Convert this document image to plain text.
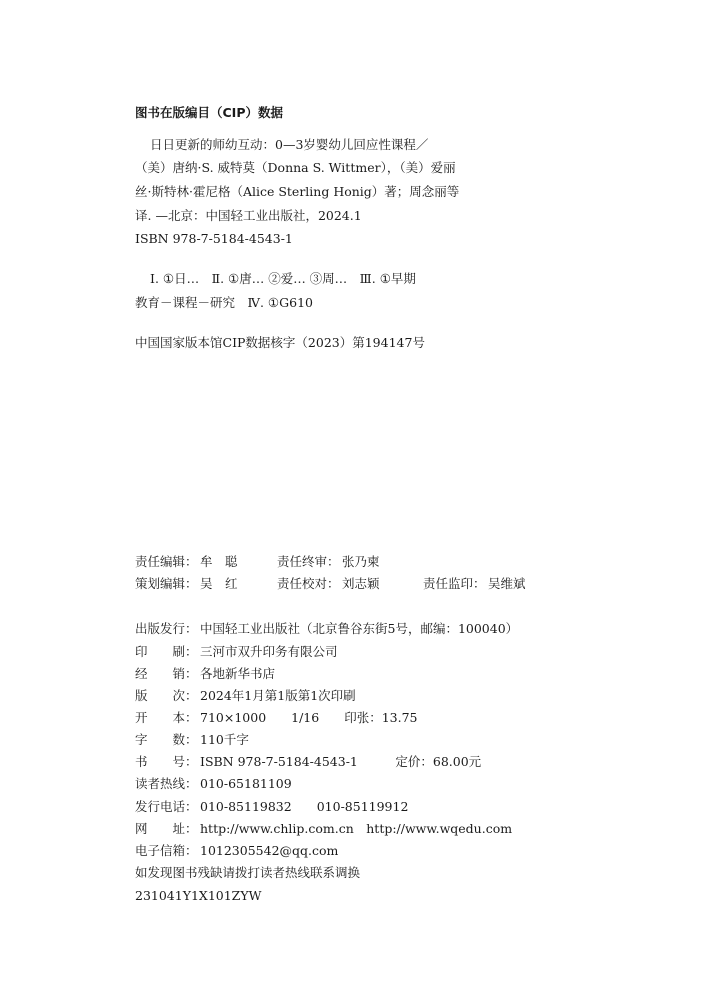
图书在版编目（CIP）数据
日日更新的师幼互动：0—3岁婴幼儿回应性课程／
（美）唐纳·S. 威特莫（Donna S. Wittmer），（美）爱丽
丝·斯特林·霍尼格（Alice Sterling Honig）著；周念丽等
译. —北京：中国轻工业出版社，2024.1
ISBN 978-7-5184-4543-1
Ⅰ. ①日…　Ⅱ. ①唐… ②爱… ③周…　Ⅲ. ①早期
教育－课程－研究　Ⅳ. ①G610
中国国家版本馆CIP数据核字（2023）第194147号
责任编辑： 牟　聪	责任终审： 张乃柬
策划编辑： 吴　红	责任校对： 刘志颖	责任监印： 吴维斌
出版发行： 中国轻工业出版社（北京鲁谷东街5号，邮编：100040）
印　　刷： 三河市双升印务有限公司
经　　销： 各地新华书店
版　　次： 2024年1月第1版第1次印刷
开　　本： 710×1000　　1/16　　印张：13.75
字　　数： 110千字
书　　号： ISBN 978-7-5184-4543-1　　　定价：68.00元
读者热线： 010-65181109
发行电话： 010-85119832　　010-85119912
网　　址： http://www.chlip.com.cn　http://www.wqedu.com
电子信箱： 1012305542@qq.com
如发现图书残缺请拨打读者热线联系调换
231041Y1X101ZYW
